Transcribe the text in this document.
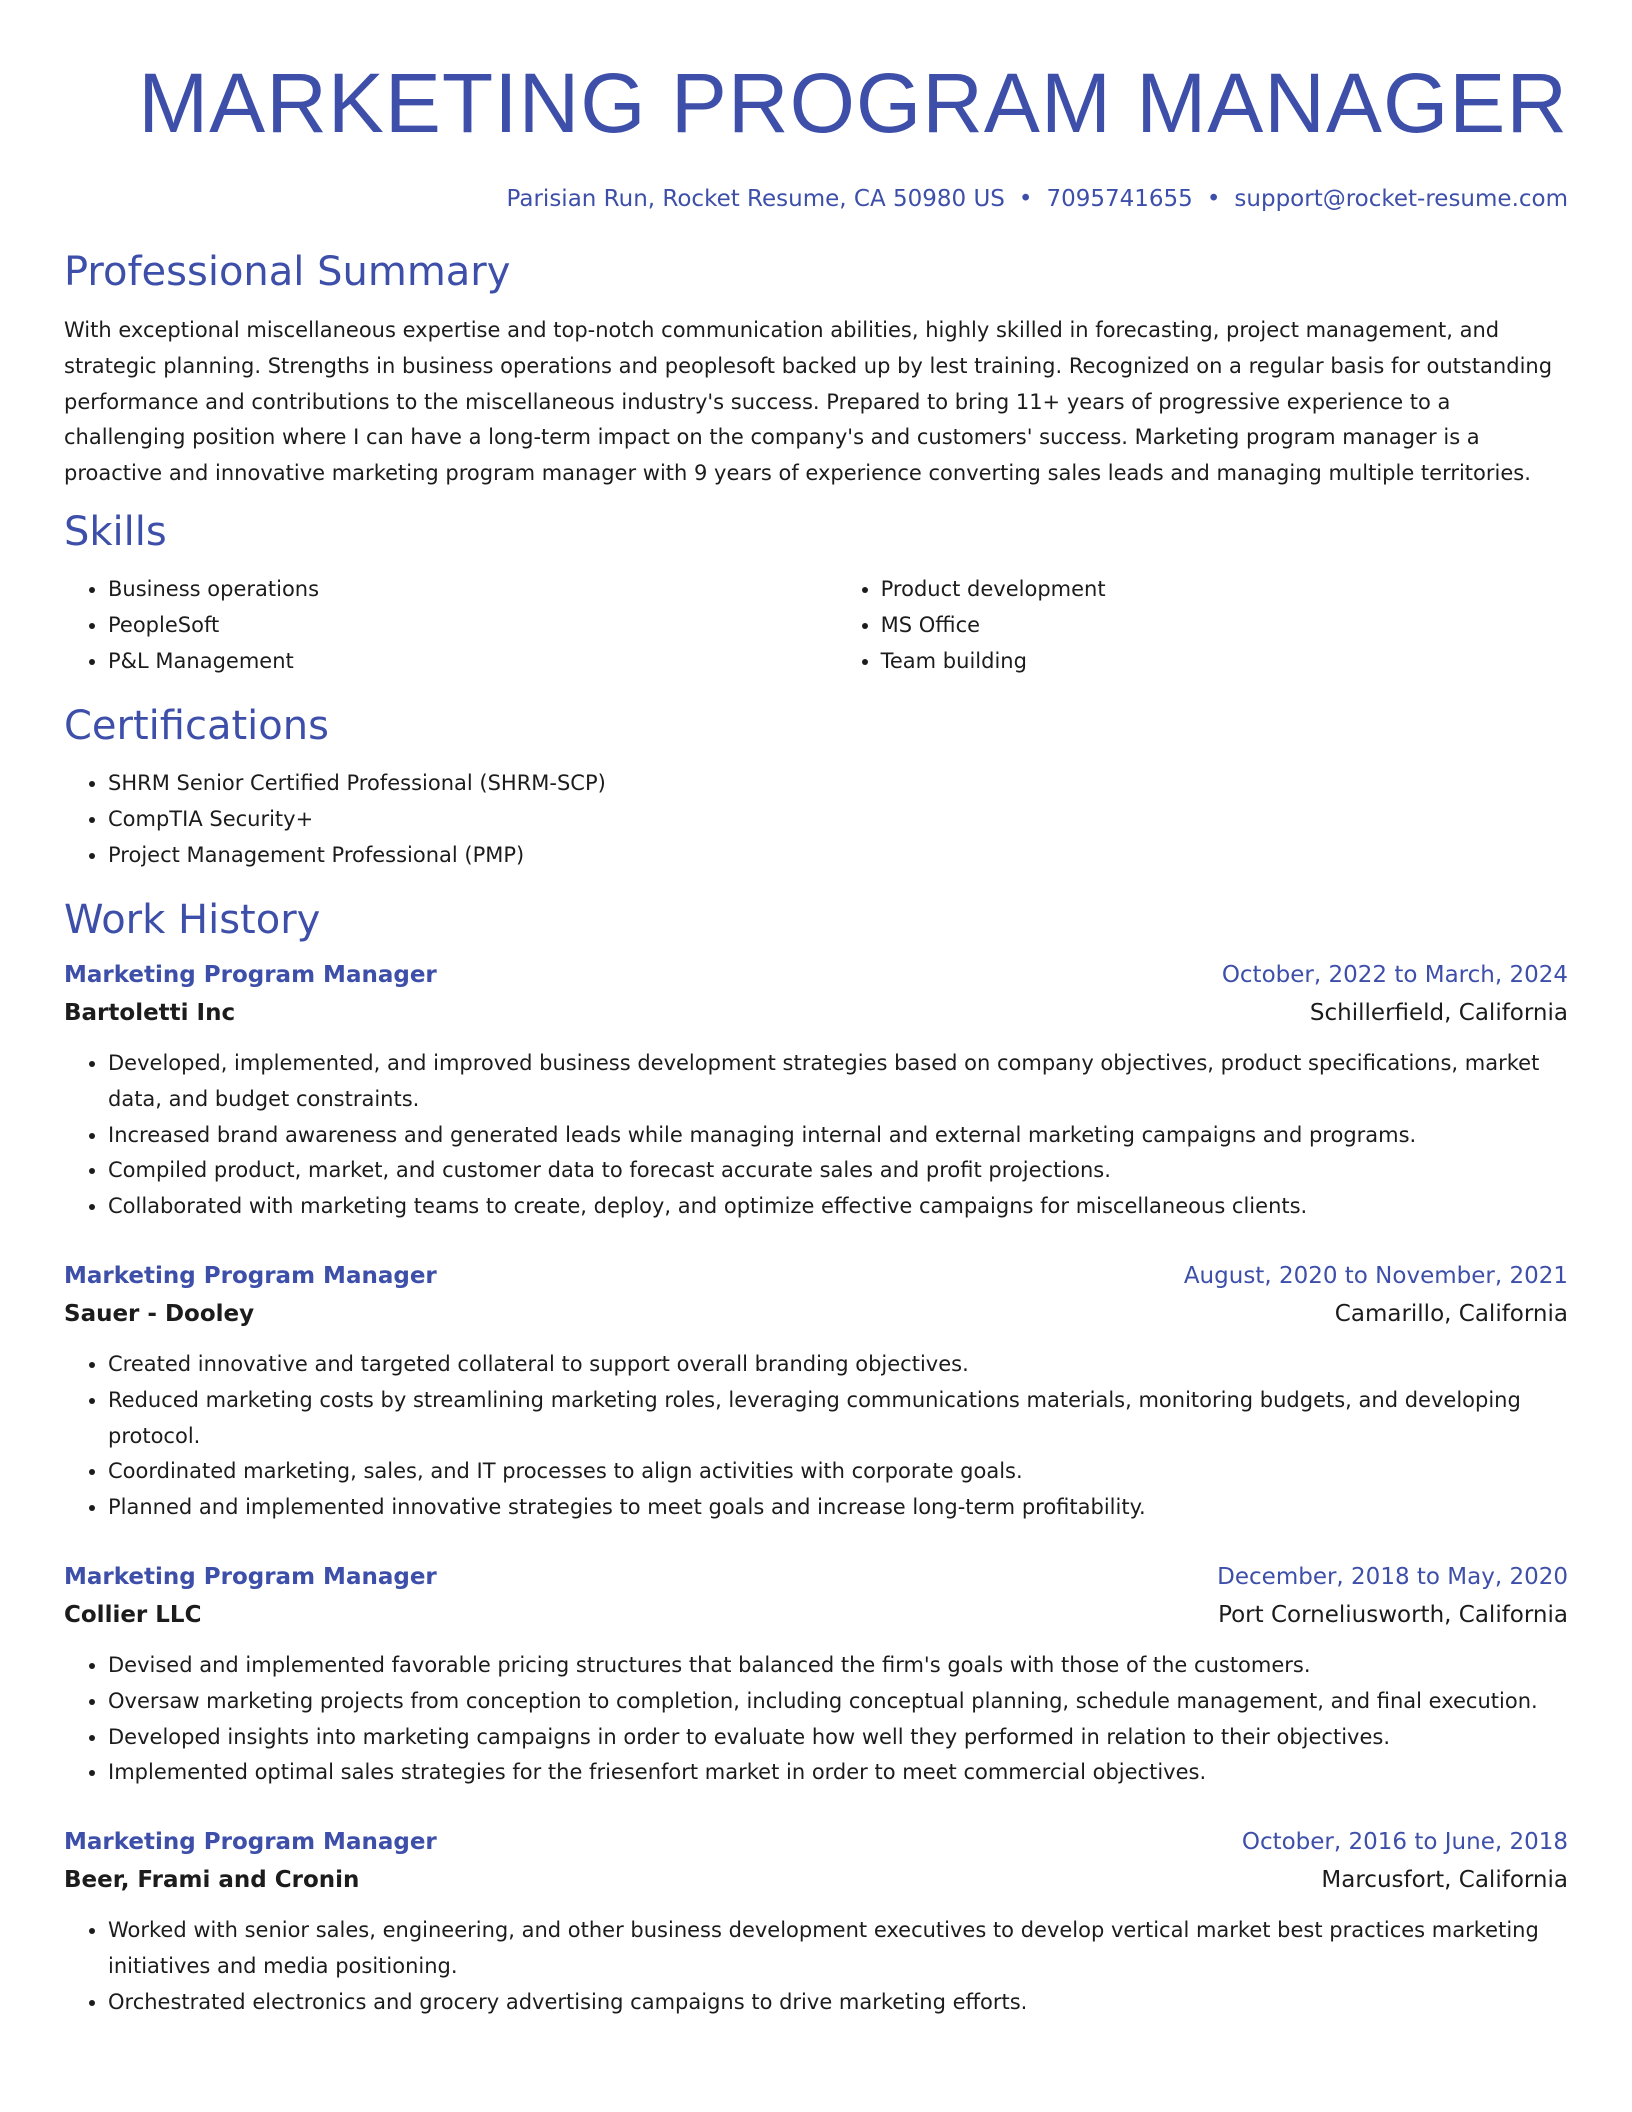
MARKETING PROGRAM MANAGER
Parisian Run, Rocket Resume, CA 50980 US • 7095741655 • support@rocket-resume.com
Professional Summary

With exceptional miscellaneous expertise and top-notch communication abilities, highly skilled in forecasting, project management, and strategic planning. Strengths in business operations and peoplesoft backed up by lest training. Recognized on a regular basis for outstanding performance and contributions to the miscellaneous industry's success. Prepared to bring 11+ years of progressive experience to a challenging position where I can have a long-term impact on the company's and customers' success. Marketing program manager is a proactive and innovative marketing program manager with 9 years of experience converting sales leads and managing multiple territories.

Skills
• Business operations
• PeopleSoft
• P&L Management
• Product development
• MS Office
• Team building
Certifications
• SHRM Senior Certified Professional (SHRM-SCP)
• CompTIA Security+
• Project Management Professional (PMP)
Work History
Marketing Program Manager	October, 2022 to March, 2024
Bartoletti Inc	Schillerfield, California
• Developed, implemented, and improved business development strategies based on company objectives, product specifications, market data, and budget constraints.
• Increased brand awareness and generated leads while managing internal and external marketing campaigns and programs.
• Compiled product, market, and customer data to forecast accurate sales and profit projections.
• Collaborated with marketing teams to create, deploy, and optimize effective campaigns for miscellaneous clients.
Marketing Program Manager	August, 2020 to November, 2021
Sauer - Dooley	Camarillo, California
• Created innovative and targeted collateral to support overall branding objectives.
• Reduced marketing costs by streamlining marketing roles, leveraging communications materials, monitoring budgets, and developing protocol.
• Coordinated marketing, sales, and IT processes to align activities with corporate goals.
• Planned and implemented innovative strategies to meet goals and increase long-term profitability.
Marketing Program Manager	December, 2018 to May, 2020
Collier LLC	Port Corneliusworth, California
• Devised and implemented favorable pricing structures that balanced the firm's goals with those of the customers.
• Oversaw marketing projects from conception to completion, including conceptual planning, schedule management, and final execution.
• Developed insights into marketing campaigns in order to evaluate how well they performed in relation to their objectives.
• Implemented optimal sales strategies for the friesenfort market in order to meet commercial objectives.
Marketing Program Manager	October, 2016 to June, 2018
Beer, Frami and Cronin	Marcusfort, California
• Worked with senior sales, engineering, and other business development executives to develop vertical market best practices marketing initiatives and media positioning.
• Orchestrated electronics and grocery advertising campaigns to drive marketing efforts.
